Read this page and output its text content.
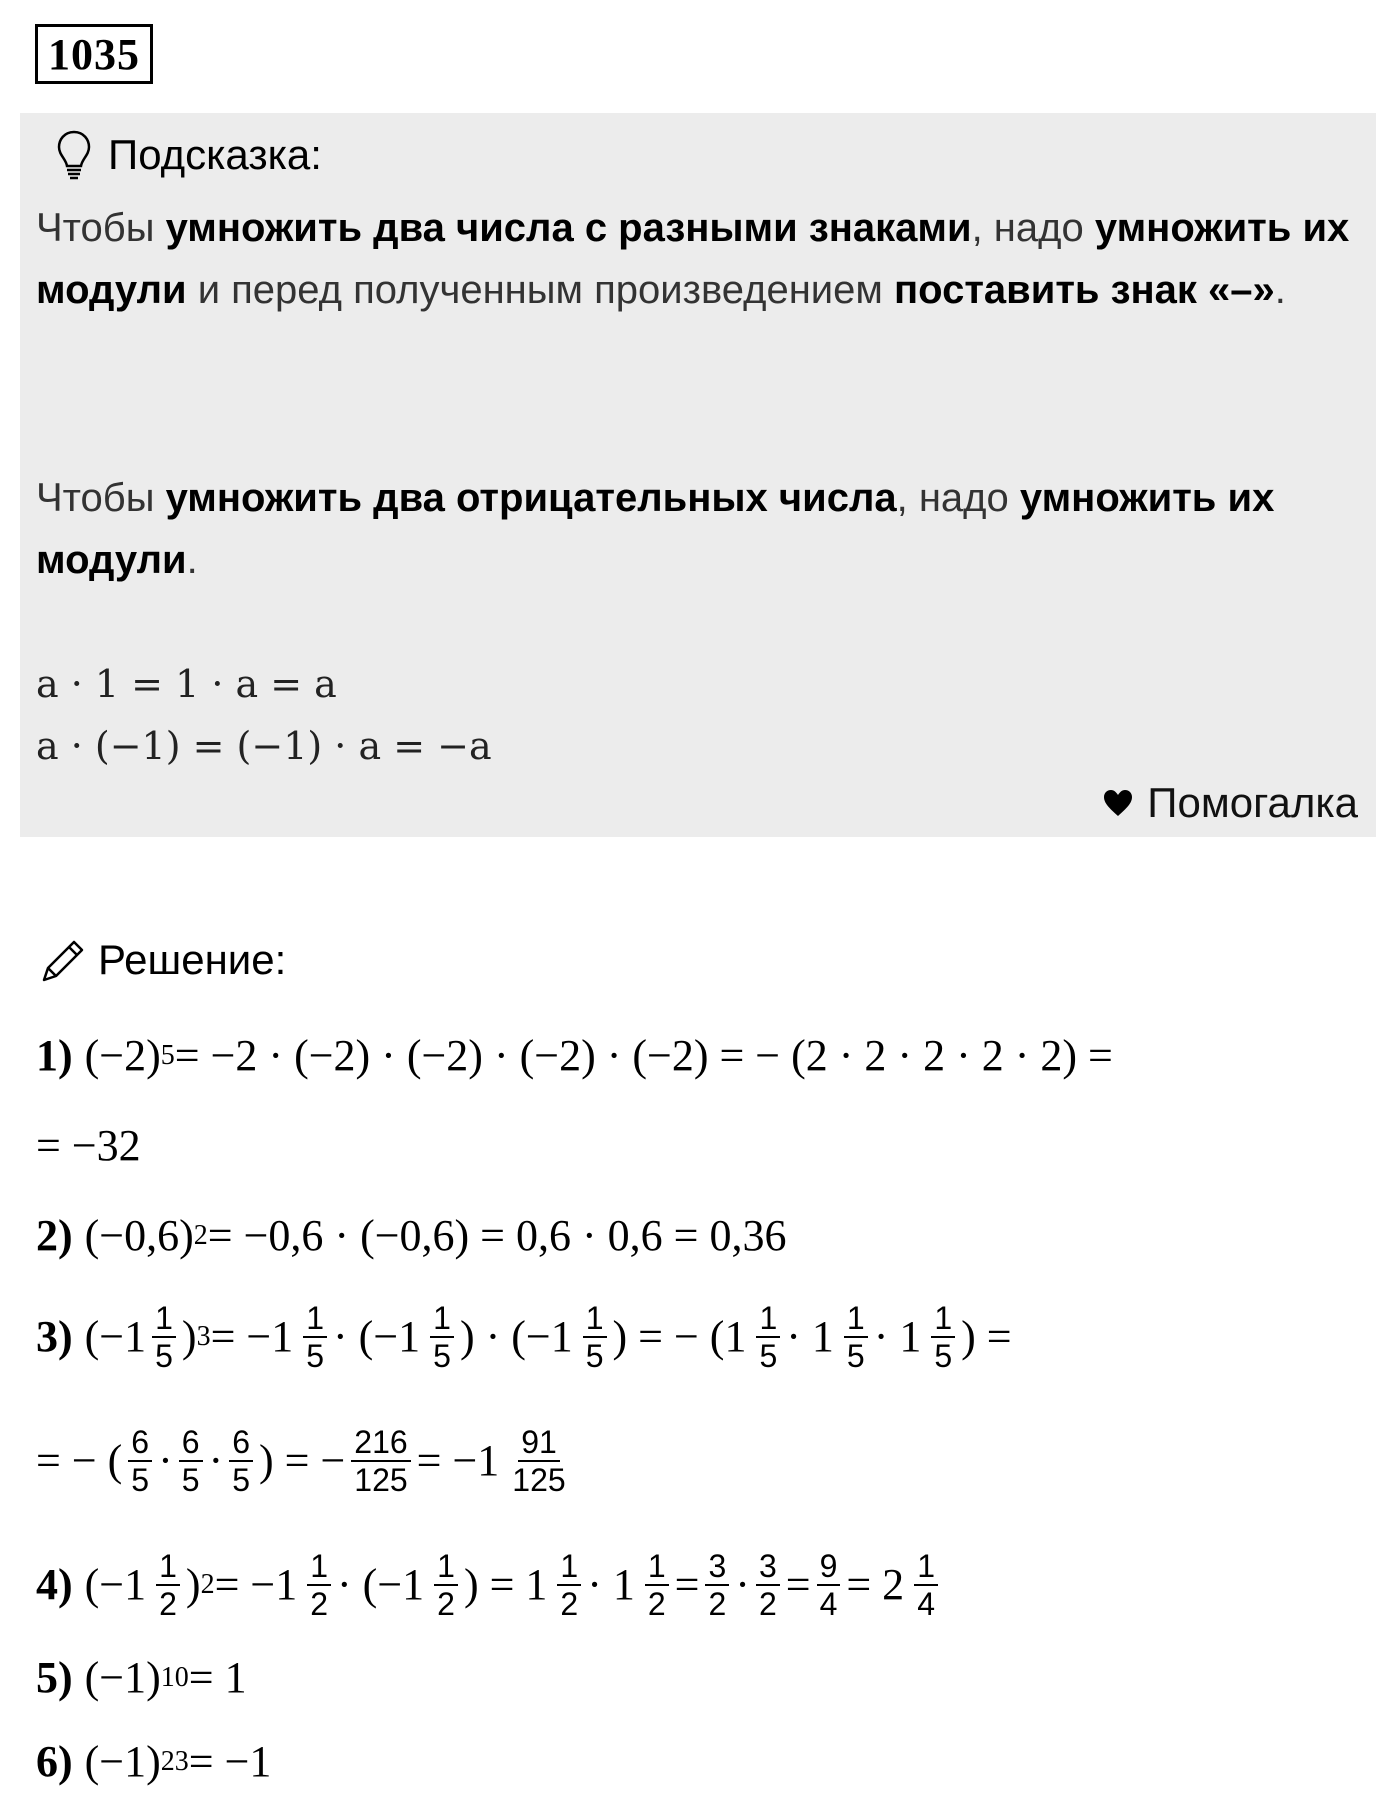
1035
Подсказка:
Чтобы умножить два числа с разными знаками, надо умножить их модули и перед полученным произведением поставить знак «–».
Чтобы умножить два отрицательных числа, надо умножить их модули.
a · 1 = 1 · a = a
a · (−1) = (−1) · a = −a
Помогалка
Решение:
1) (−2) 5 = −2 · (−2) · (−2) · (−2) · (−2) = − (2 · 2 · 2 · 2 · 2) =
= −32
2) (−0,6) 2 = −0,6 · (−0,6) = 0,6 · 0,6 = 0,36
3) ($-1 \frac{1}{5}$ ) $3 = -1 \frac{1}{5} \cdot (-1 \frac{1}{5}$ ) · ($-1 \frac{1}{5}$ ) = − ($1 \frac{1}{5} \cdot 1 \frac{1}{5} \cdot 1 \frac{1}{5}$ ) =
= − ( $\frac{6}{5} \cdot \frac{6}{5} \cdot \frac{6}{5}$ ) = − $\frac{216}{125} = -1 \frac{91}{125}$
4) ($-1 \frac{1}{2}$ ) $2 = -1 \frac{1}{2} \cdot (-1 \frac{1}{2}$ ) = $1 \frac{1}{2} \cdot 1 \frac{1}{2} = \frac{3}{2} \cdot \frac{3}{2} = \frac{9}{4} = 2 \frac{1}{4}$
5) (−1) 10 = 1
6) (−1) 23 = −1
